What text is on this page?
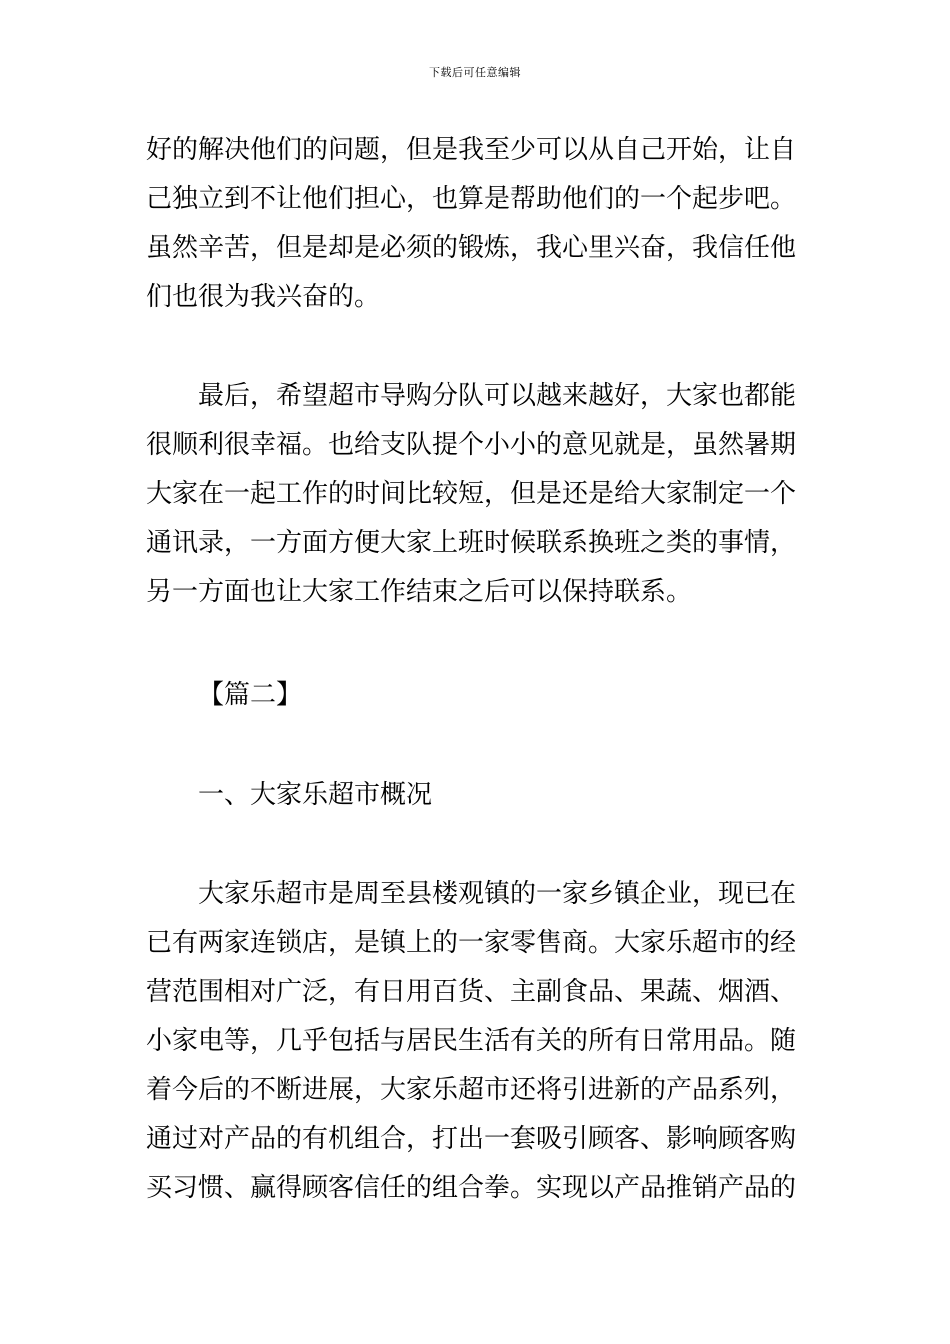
下载后可任意编辑
好的解决他们的问题，但是我至少可以从自己开始，让自
己独立到不让他们担心，也算是帮助他们的一个起步吧。
虽然辛苦，但是却是必须的锻炼，我心里兴奋，我信任他
们也很为我兴奋的。
最后，希望超市导购分队可以越来越好，大家也都能
很顺利很幸福。也给支队提个小小的意见就是，虽然暑期
大家在一起工作的时间比较短，但是还是给大家制定一个
通讯录，一方面方便大家上班时候联系换班之类的事情，
另一方面也让大家工作结束之后可以保持联系。
【篇二】
一、大家乐超市概况
大家乐超市是周至县楼观镇的一家乡镇企业，现已在
已有两家连锁店，是镇上的一家零售商。大家乐超市的经
营范围相对广泛，有日用百货、主副食品、果蔬、烟酒、
小家电等，几乎包括与居民生活有关的所有日常用品。随
着今后的不断进展，大家乐超市还将引进新的产品系列，
通过对产品的有机组合，打出一套吸引顾客、影响顾客购
买习惯、赢得顾客信任的组合拳。实现以产品推销产品的
